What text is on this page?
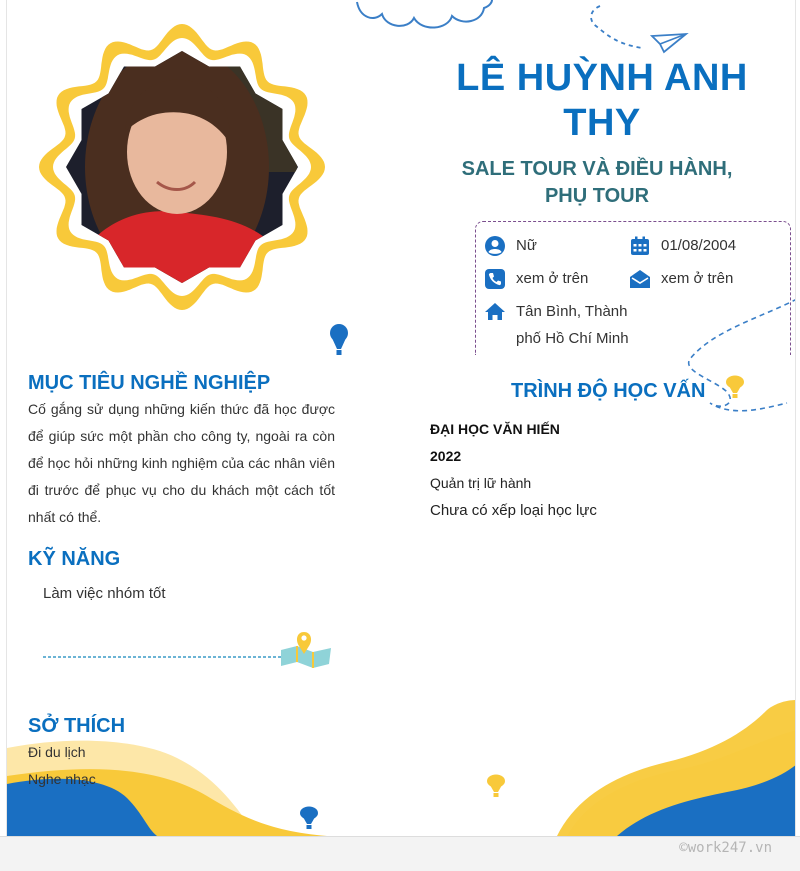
LÊ HUỲNH ANH
THY
SALE TOUR VÀ ĐIỀU HÀNH,
PHỤ TOUR
Nữ	01/08/2004
xem ở trên	xem ở trên
Tân Bình, Thành
phố Hồ Chí Minh
MỤC TIÊU NGHỀ NGHIỆP
Cố gắng sử dụng những kiến thức đã học được để giúp sức một phần cho công ty, ngoài ra còn để học hỏi những kinh nghiệm của các nhân viên đi trước để phục vụ cho du khách một cách tốt nhất có thể.
KỸ NĂNG
Làm việc nhóm tốt
SỞ THÍCH
Đi du lịch
Nghe nhạc
TRÌNH ĐỘ HỌC VẤN
ĐẠI HỌC VĂN HIẾN
2022
Quản trị lữ hành
Chưa có xếp loại học lực
©work247.vn
